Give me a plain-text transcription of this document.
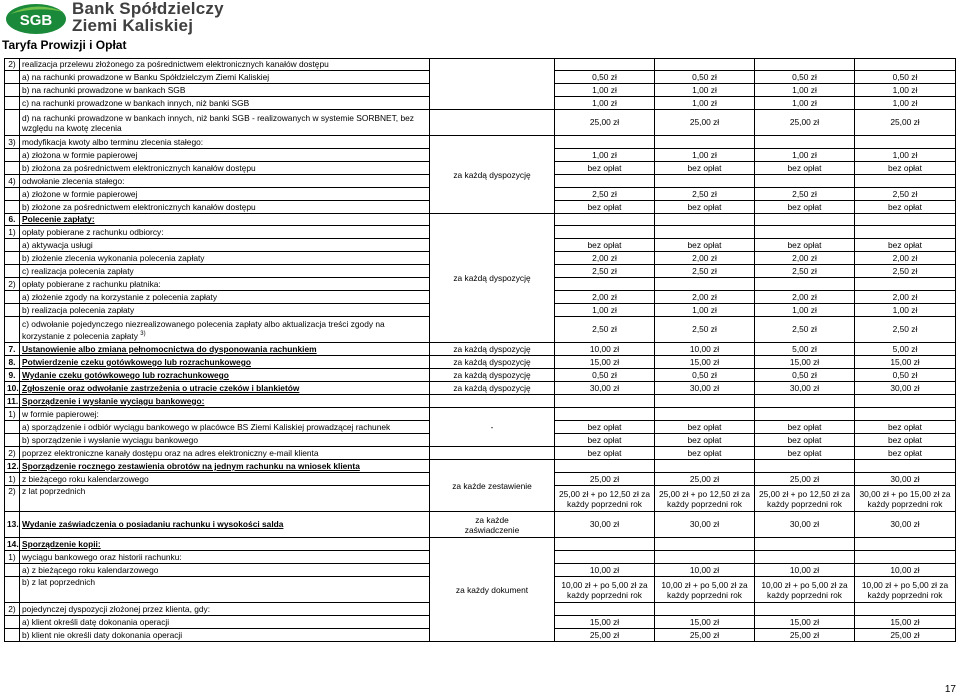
SGB
Bank Spółdzielczy
Ziemi Kaliskiej
Taryfa Prowizji i Opłat
2)	realizacja przelewu złożonego za pośrednictwem elektronicznych kanałów dostępu					
	a) na rachunki prowadzone w Banku Spółdzielczym Ziemi Kaliskiej		0,50 zł	0,50 zł	0,50 zł	0,50 zł
	b) na rachunki prowadzone w bankach SGB		1,00 zł	1,00 zł	1,00 zł	1,00 zł
	c) na rachunki prowadzone w bankach innych, niż banki SGB		1,00 zł	1,00 zł	1,00 zł	1,00 zł

	d) na rachunki prowadzone w bankach innych, niż banki SGB - realizowanych w systemie SORBNET, bez
względu na kwotę zlecenia		25,00 zł	25,00 zł	25,00 zł	25,00 zł
3)	modyfikacja kwoty albo terminu zlecenia stałego:	za każdą dyspozycję				
	a) złożona w formie papierowej		1,00 zł	1,00 zł	1,00 zł	1,00 zł
	b) złożona za pośrednictwem elektronicznych kanałów dostępu		bez opłat	bez opłat	bez opłat	bez opłat
4)	odwołanie zlecenia stałego:					
	a) złożone w formie papierowej		2,50 zł	2,50 zł	2,50 zł	2,50 zł
	b) złożone za pośrednictwem elektronicznych kanałów dostępu		bez opłat	bez opłat	bez opłat	bez opłat
6.	Polecenie zapłaty:	za każdą dyspozycję				
1)	opłaty pobierane z rachunku odbiorcy:					
	a) aktywacja usługi		bez opłat	bez opłat	bez opłat	bez opłat
	b) złożenie zlecenia wykonania polecenia zapłaty		2,00 zł	2,00 zł	2,00 zł	2,00 zł
	c) realizacja polecenia zapłaty		2,50 zł	2,50 zł	2,50 zł	2,50 zł
2)	opłaty pobierane z rachunku płatnika:					
	a) złożenie zgody na korzystanie z polecenia zapłaty		2,00 zł	2,00 zł	2,00 zł	2,00 zł
	b) realizacja polecenia zapłaty		1,00 zł	1,00 zł	1,00 zł	1,00 zł

	c) odwołanie pojedynczego niezrealizowanego polecenia zapłaty albo aktualizacja treści zgody na
korzystanie z polecenia zapłaty $^{3)}$		2,50 zł	2,50 zł	2,50 zł	2,50 zł
7.	Ustanowienie albo zmiana pełnomocnictwa do dysponowania rachunkiem	za każdą dyspozycję	10,00 zł	10,00 zł	5,00 zł	5,00 zł
8.	Potwierdzenie czeku gotówkowego lub rozrachunkowego	za każdą dyspozycję	15,00 zł	15,00 zł	15,00 zł	15,00 zł
9.	Wydanie czeku gotówkowego lub rozrachunkowego	za każdą dyspozycję	0,50 zł	0,50 zł	0,50 zł	0,50 zł
10.	Zgłoszenie oraz odwołanie zastrzeżenia o utracie czeków i blankietów	za każdą dyspozycję	30,00 zł	30,00 zł	30,00 zł	30,00 zł
11.	Sporządzenie i wysłanie wyciągu bankowego:					
1)	w formie papierowej:	-				
	a) sporządzenie i odbiór wyciągu bankowego w placówce BS Ziemi Kaliskiej prowadzącej rachunek		bez opłat	bez opłat	bez opłat	bez opłat
	b) sporządzenie i wysłanie wyciągu bankowego		bez opłat	bez opłat	bez opłat	bez opłat
2)	poprzez elektroniczne kanały dostępu oraz na adres elektroniczny e-mail klienta		bez opłat	bez opłat	bez opłat	bez opłat
12.	Sporządzenie rocznego zestawienia obrotów na jednym rachunku na wniosek klienta	za każde zestawienie				
1)	z bieżącego roku kalendarzowego		25,00 zł	25,00 zł	25,00 zł	30,00 zł
2)	z lat poprzednich		25,00 zł + po 12,50 zł za
każdy poprzedni rok	25,00 zł + po 12,50 zł za
każdy poprzedni rok	25,00 zł + po 12,50 zł za
każdy poprzedni rok	30,00 zł + po 15,00 zł za
każdy poprzedni rok

13.	Wydanie zaświadczenia o posiadaniu rachunku i wysokości salda	za każde
zaświadczenie	30,00 zł	30,00 zł	30,00 zł	30,00 zł
14.	Sporządzenie kopii:	za każdy dokument				
1)	wyciągu bankowego oraz historii rachunku:					
	a) z bieżącego roku kalendarzowego		10,00 zł	10,00 zł	10,00 zł	10,00 zł
	b) z lat poprzednich		10,00 zł + po 5,00 zł za
każdy poprzedni rok	10,00 zł + po 5,00 zł za
każdy poprzedni rok	10,00 zł + po 5,00 zł za
każdy poprzedni rok	10,00 zł + po 5,00 zł za
każdy poprzedni rok

2)	pojedynczej dyspozycji złożonej przez klienta, gdy:					
	a) klient określi datę dokonania operacji		15,00 zł	15,00 zł	15,00 zł	15,00 zł
	b) klient nie określi daty dokonania operacji		25,00 zł	25,00 zł	25,00 zł	25,00 zł
17
